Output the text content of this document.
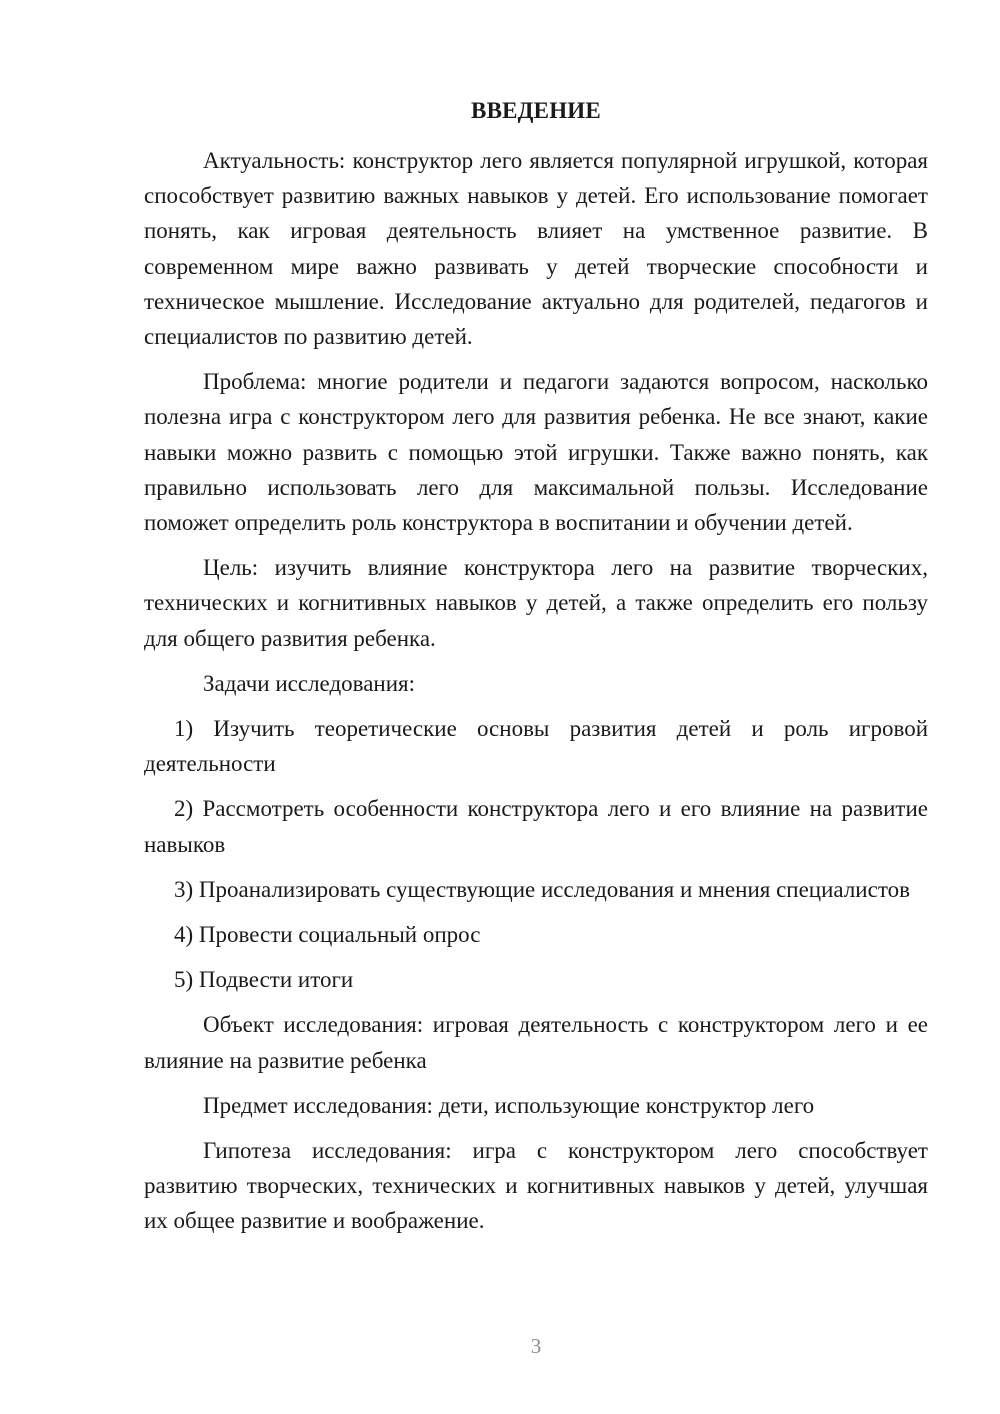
ВВЕДЕНИЕ

Актуальность: конструктор лего является популярной игрушкой, которая способствует развитию важных навыков у детей. Его использование помогает понять, как игровая деятельность влияет на умственное развитие. В современном мире важно развивать у детей творческие способности и техническое мышление. Исследование актуально для родителей, педагогов и специалистов по развитию детей.

Проблема: многие родители и педагоги задаются вопросом, насколько полезна игра с конструктором лего для развития ребенка. Не все знают, какие навыки можно развить с помощью этой игрушки. Также важно понять, как правильно использовать лего для максимальной пользы. Исследование поможет определить роль конструктора в воспитании и обучении детей.

Цель: изучить влияние конструктора лего на развитие творческих, технических и когнитивных навыков у детей, а также определить его пользу для общего развития ребенка.

Задачи исследования:

1) Изучить теоретические основы развития детей и роль игровой деятельности

2) Рассмотреть особенности конструктора лего и его влияние на развитие навыков

3) Проанализировать существующие исследования и мнения специалистов

4) Провести социальный опрос

5) Подвести итоги

Объект исследования: игровая деятельность с конструктором лего и ее влияние на развитие ребенка

Предмет исследования: дети, использующие конструктор лего

Гипотеза исследования: игра с конструктором лего способствует развитию творческих, технических и когнитивных навыков у детей, улучшая их общее развитие и воображение.

3
